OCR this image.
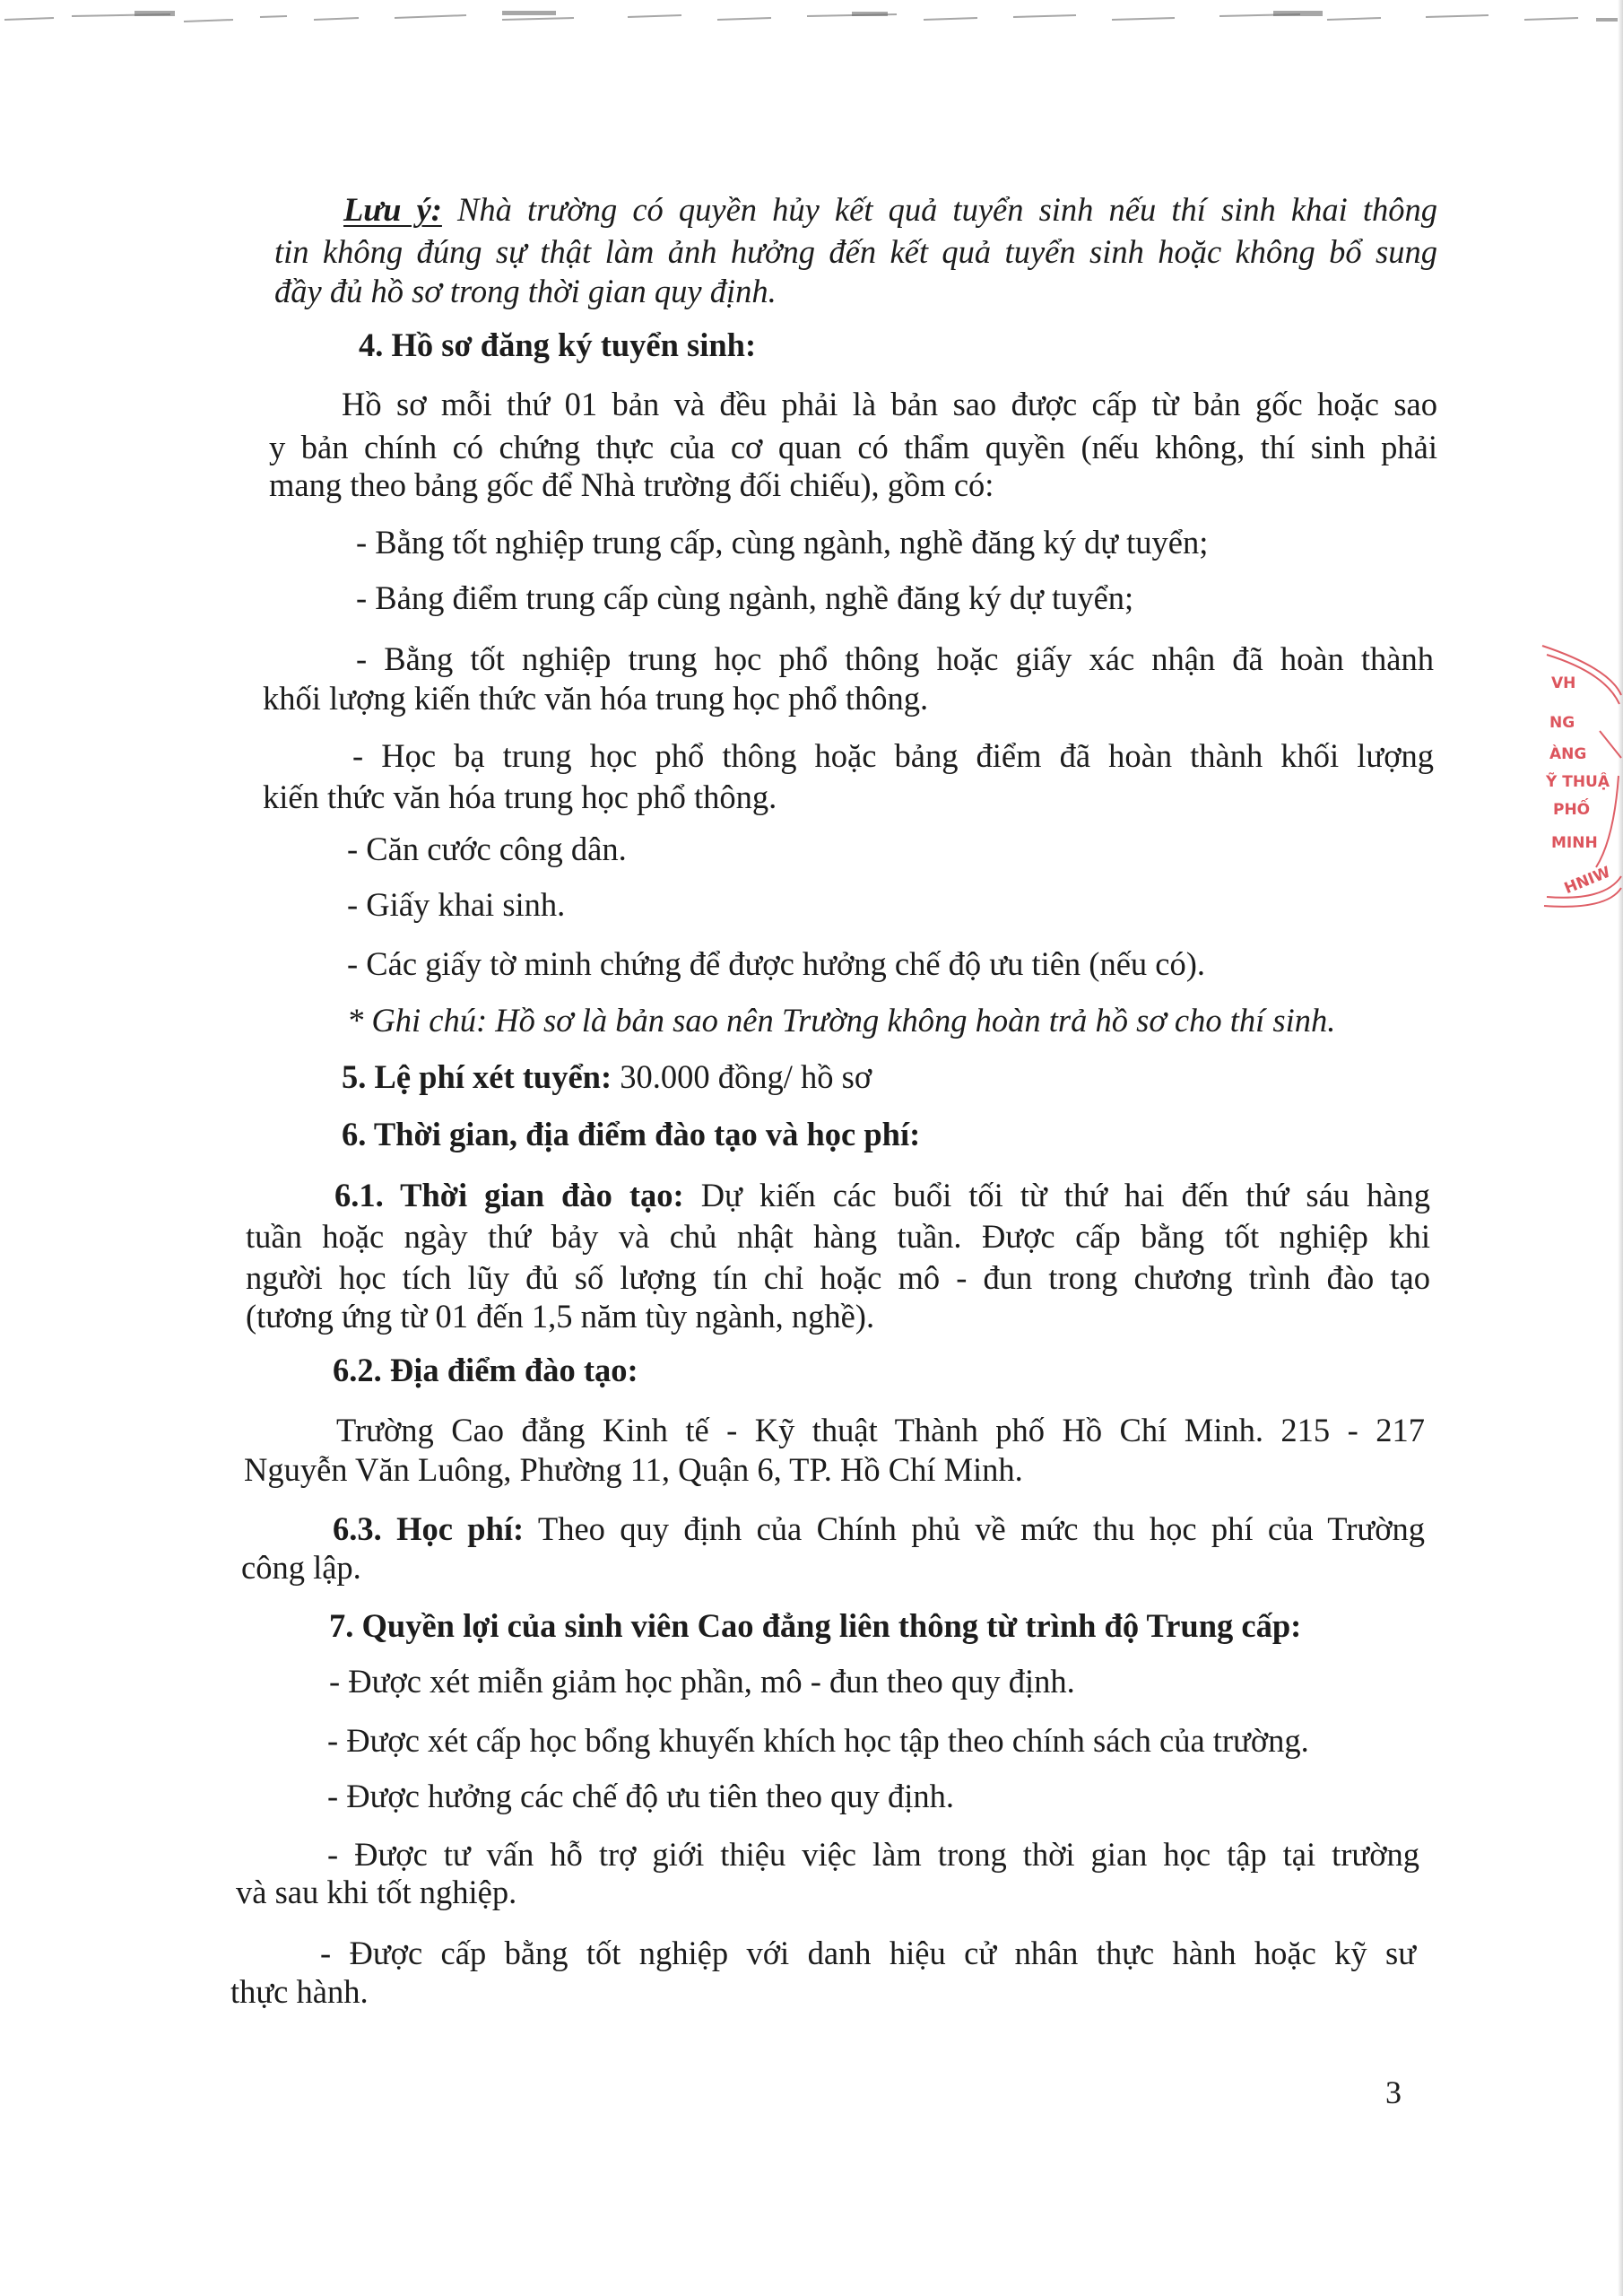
Lưu ý: Nhà trường có quyền hủy kết quả tuyển sinh nếu thí sinh khai thông
tin không đúng sự thật làm ảnh hưởng đến kết quả tuyển sinh hoặc không bổ sung
đầy đủ hồ sơ trong thời gian quy định.
4. Hồ sơ đăng ký tuyển sinh:
Hồ sơ mỗi thứ 01 bản và đều phải là bản sao được cấp từ bản gốc hoặc sao
y bản chính có chứng thực của cơ quan có thẩm quyền (nếu không, thí sinh phải
mang theo bảng gốc để Nhà trường đối chiếu), gồm có:
- Bằng tốt nghiệp trung cấp, cùng ngành, nghề đăng ký dự tuyển;
- Bảng điểm trung cấp cùng ngành, nghề đăng ký dự tuyển;
- Bằng tốt nghiệp trung học phổ thông hoặc giấy xác nhận đã hoàn thành
khối lượng kiến thức văn hóa trung học phổ thông.
- Học bạ trung học phổ thông hoặc bảng điểm đã hoàn thành khối lượng
kiến thức văn hóa trung học phổ thông.
- Căn cước công dân.
- Giấy khai sinh.
- Các giấy tờ minh chứng để được hưởng chế độ ưu tiên (nếu có).
* Ghi chú: Hồ sơ là bản sao nên Trường không hoàn trả hồ sơ cho thí sinh.
5. Lệ phí xét tuyển: 30.000 đồng/ hồ sơ
6. Thời gian, địa điểm đào tạo và học phí:
6.1. Thời gian đào tạo: Dự kiến các buổi tối từ thứ hai đến thứ sáu hàng
tuần hoặc ngày thứ bảy và chủ nhật hàng tuần. Được cấp bằng tốt nghiệp khi
người học tích lũy đủ số lượng tín chỉ hoặc mô - đun trong chương trình đào tạo
(tương ứng từ 01 đến 1,5 năm tùy ngành, nghề).
6.2. Địa điểm đào tạo:
Trường Cao đẳng Kinh tế - Kỹ thuật Thành phố Hồ Chí Minh. 215 - 217
Nguyễn Văn Luông, Phường 11, Quận 6, TP. Hồ Chí Minh.
6.3. Học phí: Theo quy định của Chính phủ về mức thu học phí của Trường
công lập.
7. Quyền lợi của sinh viên Cao đẳng liên thông từ trình độ Trung cấp:
- Được xét miễn giảm học phần, mô - đun theo quy định.
- Được xét cấp học bổng khuyến khích học tập theo chính sách của trường.
- Được hưởng các chế độ ưu tiên theo quy định.
- Được tư vấn hỗ trợ giới thiệu việc làm trong thời gian học tập tại trường
và sau khi tốt nghiệp.
- Được cấp bằng tốt nghiệp với danh hiệu cử nhân thực hành hoặc kỹ sư
thực hành.
VH
NG
ÀNG
Ỹ THUẬ
PHỐ
MINH
HNIW
3
